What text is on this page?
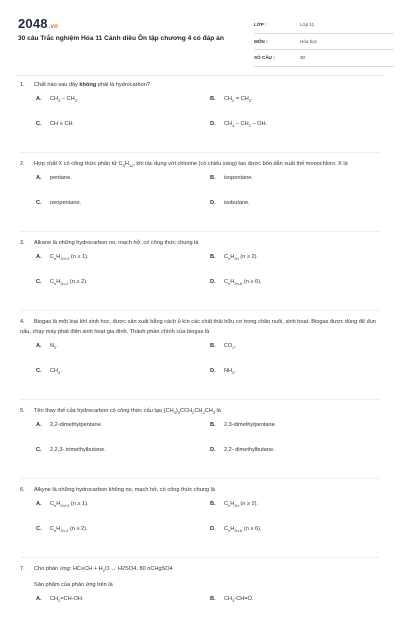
2048.vn
30 câu Trắc nghiệm Hóa 11 Cánh diều Ôn tập chương 4 có đáp án
LỚP :	Lớp 11
MÔN :	Hóa học
SỐ CÂU :	30
1. Chất nào sau đây không phải là hydrocarbon?
A. $CH_3 - CH_3$.	B. $CH_2 = CH_2$.
C. CH ≡ CH.	D. $CH_3 - CH_2$ – OH.
2. Hợp chất X có công thức phân tử $C_5H_{12}$, khi tác dụng với chlorine (có chiếu sáng) tạo được bốn dẫn xuất thế monochloro. X là
A. pentane.	B. isopentane.
C. neopentane.	D. isobutane.
3. Alkane là những hydrocarbon no, mạch hở, có công thức chung là
A. $C_nH_{2n+2}$ (n ≥ 1).	B. $C_nH_{2n}$ (n ≥ 2).
C. $C_nH_{2n-2}$ (n ≥ 2).	D. $C_nH_{2n-6}$ (n ≥ 6).
4. Biogas là một loại khí sinh học, được sản xuất bằng cách ủ kín các chất thải hữu cơ trong chăn nuôi, sinh hoạt. Biogas được dùng để đun nấu, chạy máy phát điện sinh hoạt gia đình. Thành phần chính của biogas là
A. $N_2$.	B. $CO_2$.
C. $CH_4$.	D. $NH_3$.
5. Tên thay thế của hydrocarbon có công thức cấu tạo $(CH_3)_3CCH_2CH_2CH_3$ là
A. 2,2-dimethylpentane.	B. 2,3-dimethylpentane.
C. 2,2,3- trimethylbutane.	D. 2,2- dimethylbutane.
6. Alkyne là những hydrocarbon không no, mạch hở, có công thức chung là
A. $C_nH_{2n+2}$ (n ≥ 1).	B. $C_nH_{2n}$ (n ≥ 2).
C. $C_nH_{2n-2}$ (n ≥ 2).	D. $C_nH_{2n-6}$ (n ≥ 6).
7. Cho phản ứng: $HC\equiv CH + H_2O \to H2SO4$, 80 oCHgSO4
Sản phẩm của phản ứng trên là
A. $CH_2=CH-OH$.	B. $CH_3-CH=O$.
